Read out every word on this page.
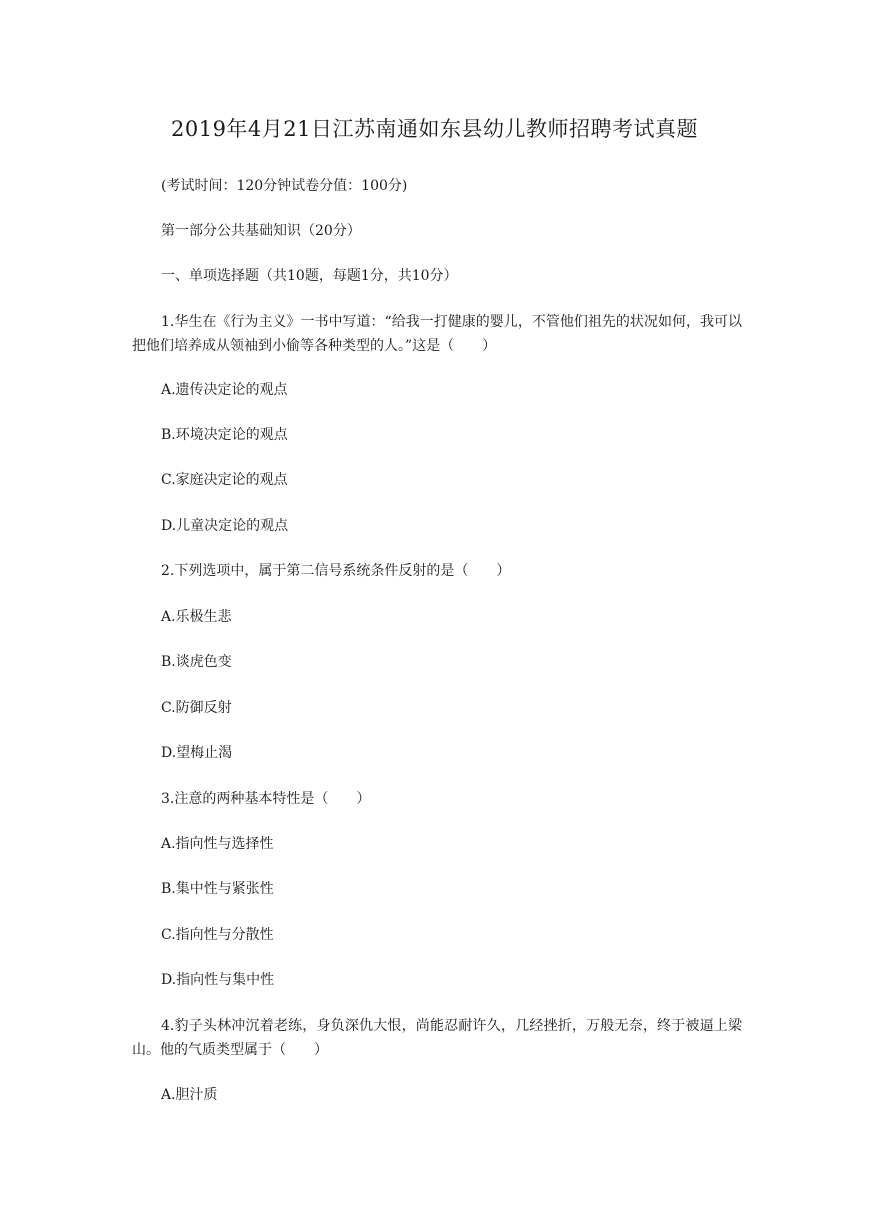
2019年4月21日江苏南通如东县幼儿教师招聘考试真题
(考试时间：120分钟试卷分值：100分)
第一部分公共基础知识（20分）
一、单项选择题（共10题，每题1分，共10分）
1.华生在《行为主义》一书中写道：“给我一打健康的婴儿，不管他们祖先的状况如何，我可以把他们培养成从领袖到小偷等各种类型的人。”这是（　　）
A.遗传决定论的观点
B.环境决定论的观点
C.家庭决定论的观点
D.儿童决定论的观点
2.下列选项中，属于第二信号系统条件反射的是（　　）
A.乐极生悲
B.谈虎色变
C.防御反射
D.望梅止渴
3.注意的两种基本特性是（　　）
A.指向性与选择性
B.集中性与紧张性
C.指向性与分散性
D.指向性与集中性
4.豹子头林冲沉着老练，身负深仇大恨，尚能忍耐许久，几经挫折，万般无奈，终于被逼上梁山。他的气质类型属于（　　）
A.胆汁质
